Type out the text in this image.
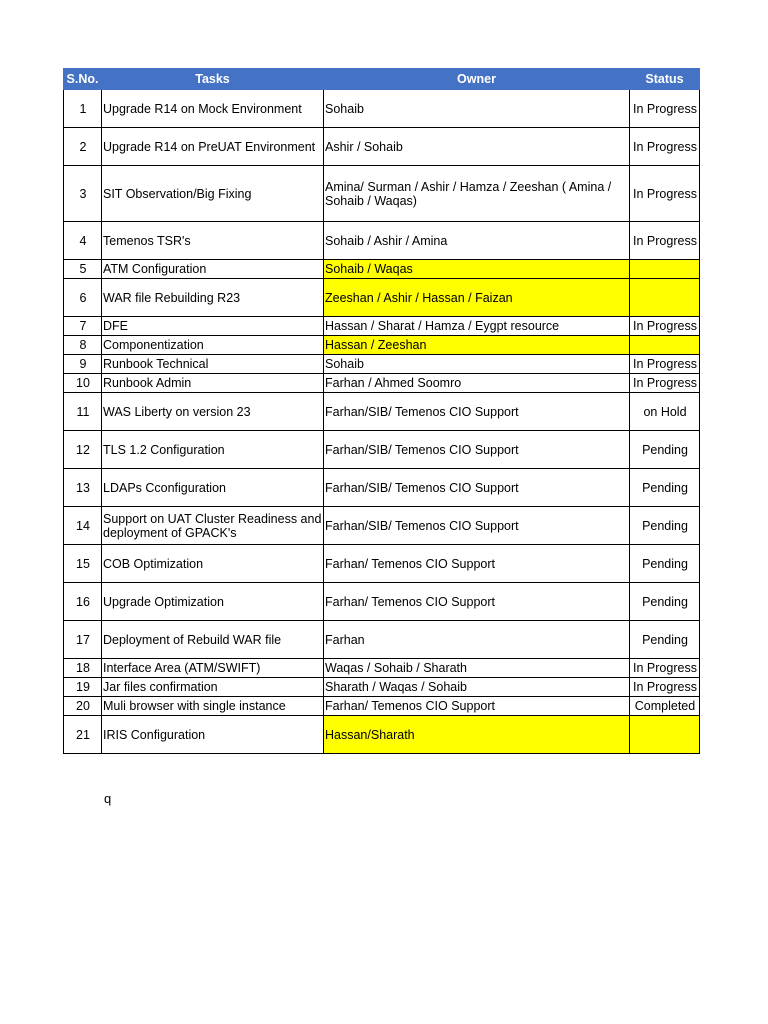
S.No.	Tasks	Owner	Status
1	Upgrade R14 on Mock Environment	Sohaib	In Progress
2	Upgrade R14 on PreUAT Environment	Ashir / Sohaib	In Progress
3	SIT Observation/Big Fixing	Amina/ Surman / Ashir / Hamza / Zeeshan ( Amina / Sohaib / Waqas)	In Progress
4	Temenos TSR's	Sohaib / Ashir / Amina	In Progress
5	ATM Configuration	Sohaib / Waqas	
6	WAR file Rebuilding R23	Zeeshan / Ashir / Hassan / Faizan	
7	DFE	Hassan / Sharat / Hamza / Eygpt resource	In Progress
8	Componentization	Hassan / Zeeshan	
9	Runbook Technical	Sohaib	In Progress
10	Runbook Admin	Farhan / Ahmed Soomro	In Progress
11	WAS Liberty on version 23	Farhan/SIB/ Temenos CIO Support	on Hold
12	TLS 1.2 Configuration	Farhan/SIB/ Temenos CIO Support	Pending
13	LDAPs Cconfiguration	Farhan/SIB/ Temenos CIO Support	Pending
14	Support on UAT Cluster Readiness and deployment of GPACK's	Farhan/SIB/ Temenos CIO Support	Pending
15	COB Optimization	Farhan/ Temenos CIO Support	Pending
16	Upgrade Optimization	Farhan/ Temenos CIO Support	Pending
17	Deployment of Rebuild WAR file	Farhan	Pending
18	Interface Area (ATM/SWIFT)	Waqas / Sohaib / Sharath	In Progress
19	Jar files confirmation	Sharath / Waqas / Sohaib	In Progress
20	Muli browser with single instance	Farhan/ Temenos CIO Support	Completed
21	IRIS Configuration	Hassan/Sharath	
q
